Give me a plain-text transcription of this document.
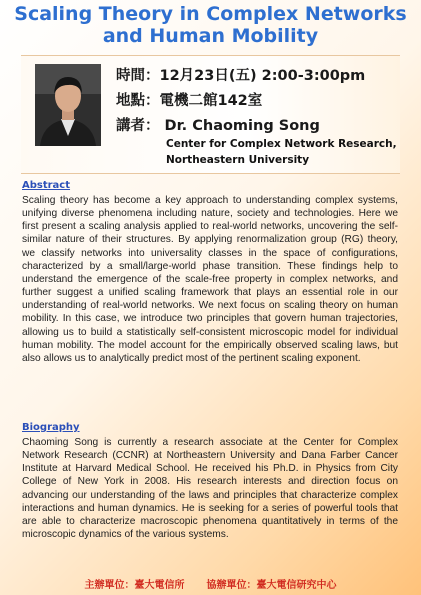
Scaling Theory in Complex Networks
and Human Mobility
時間：12月23日(五) 2:00-3:00pm
地點：電機二館142室
講者： Dr. Chaoming Song
Center for Complex Network Research,
Northeastern University
Abstract
Scaling theory has become a key approach to understanding complex systems, unifying diverse phenomena including nature, society and technologies. Here we first present a scaling analysis applied to real-world networks, uncovering the self-similar nature of their structures. By applying renormalization group (RG) theory, we classify networks into universality classes in the space of configurations, characterized by a small/large-world phase transition. These findings help to understand the emergence of the scale-free property in complex networks, and further suggest a unified scaling framework that plays an essential role in our understanding of real-world networks. We next focus on scaling theory on human mobility. In this case, we introduce two principles that govern human trajectories, allowing us to build a statistically self-consistent microscopic model for individual human mobility. The model account for the empirically observed scaling laws, but also allows us to analytically predict most of the pertinent scaling exponent.
Biography
Chaoming Song is currently a research associate at the Center for Complex Network Research (CCNR) at Northeastern University and Dana Farber Cancer Institute at Harvard Medical School. He received his Ph.D. in Physics from City College of New York in 2008. His research interests and direction focus on advancing our understanding of the laws and principles that characterize complex interactions and human dynamics. He is seeking for a series of powerful tools that are able to characterize macroscopic phenomena quantitatively in terms of the microscopic dynamics of the various systems.
主辦單位：臺大電信所 協辦單位：臺大電信研究中心
